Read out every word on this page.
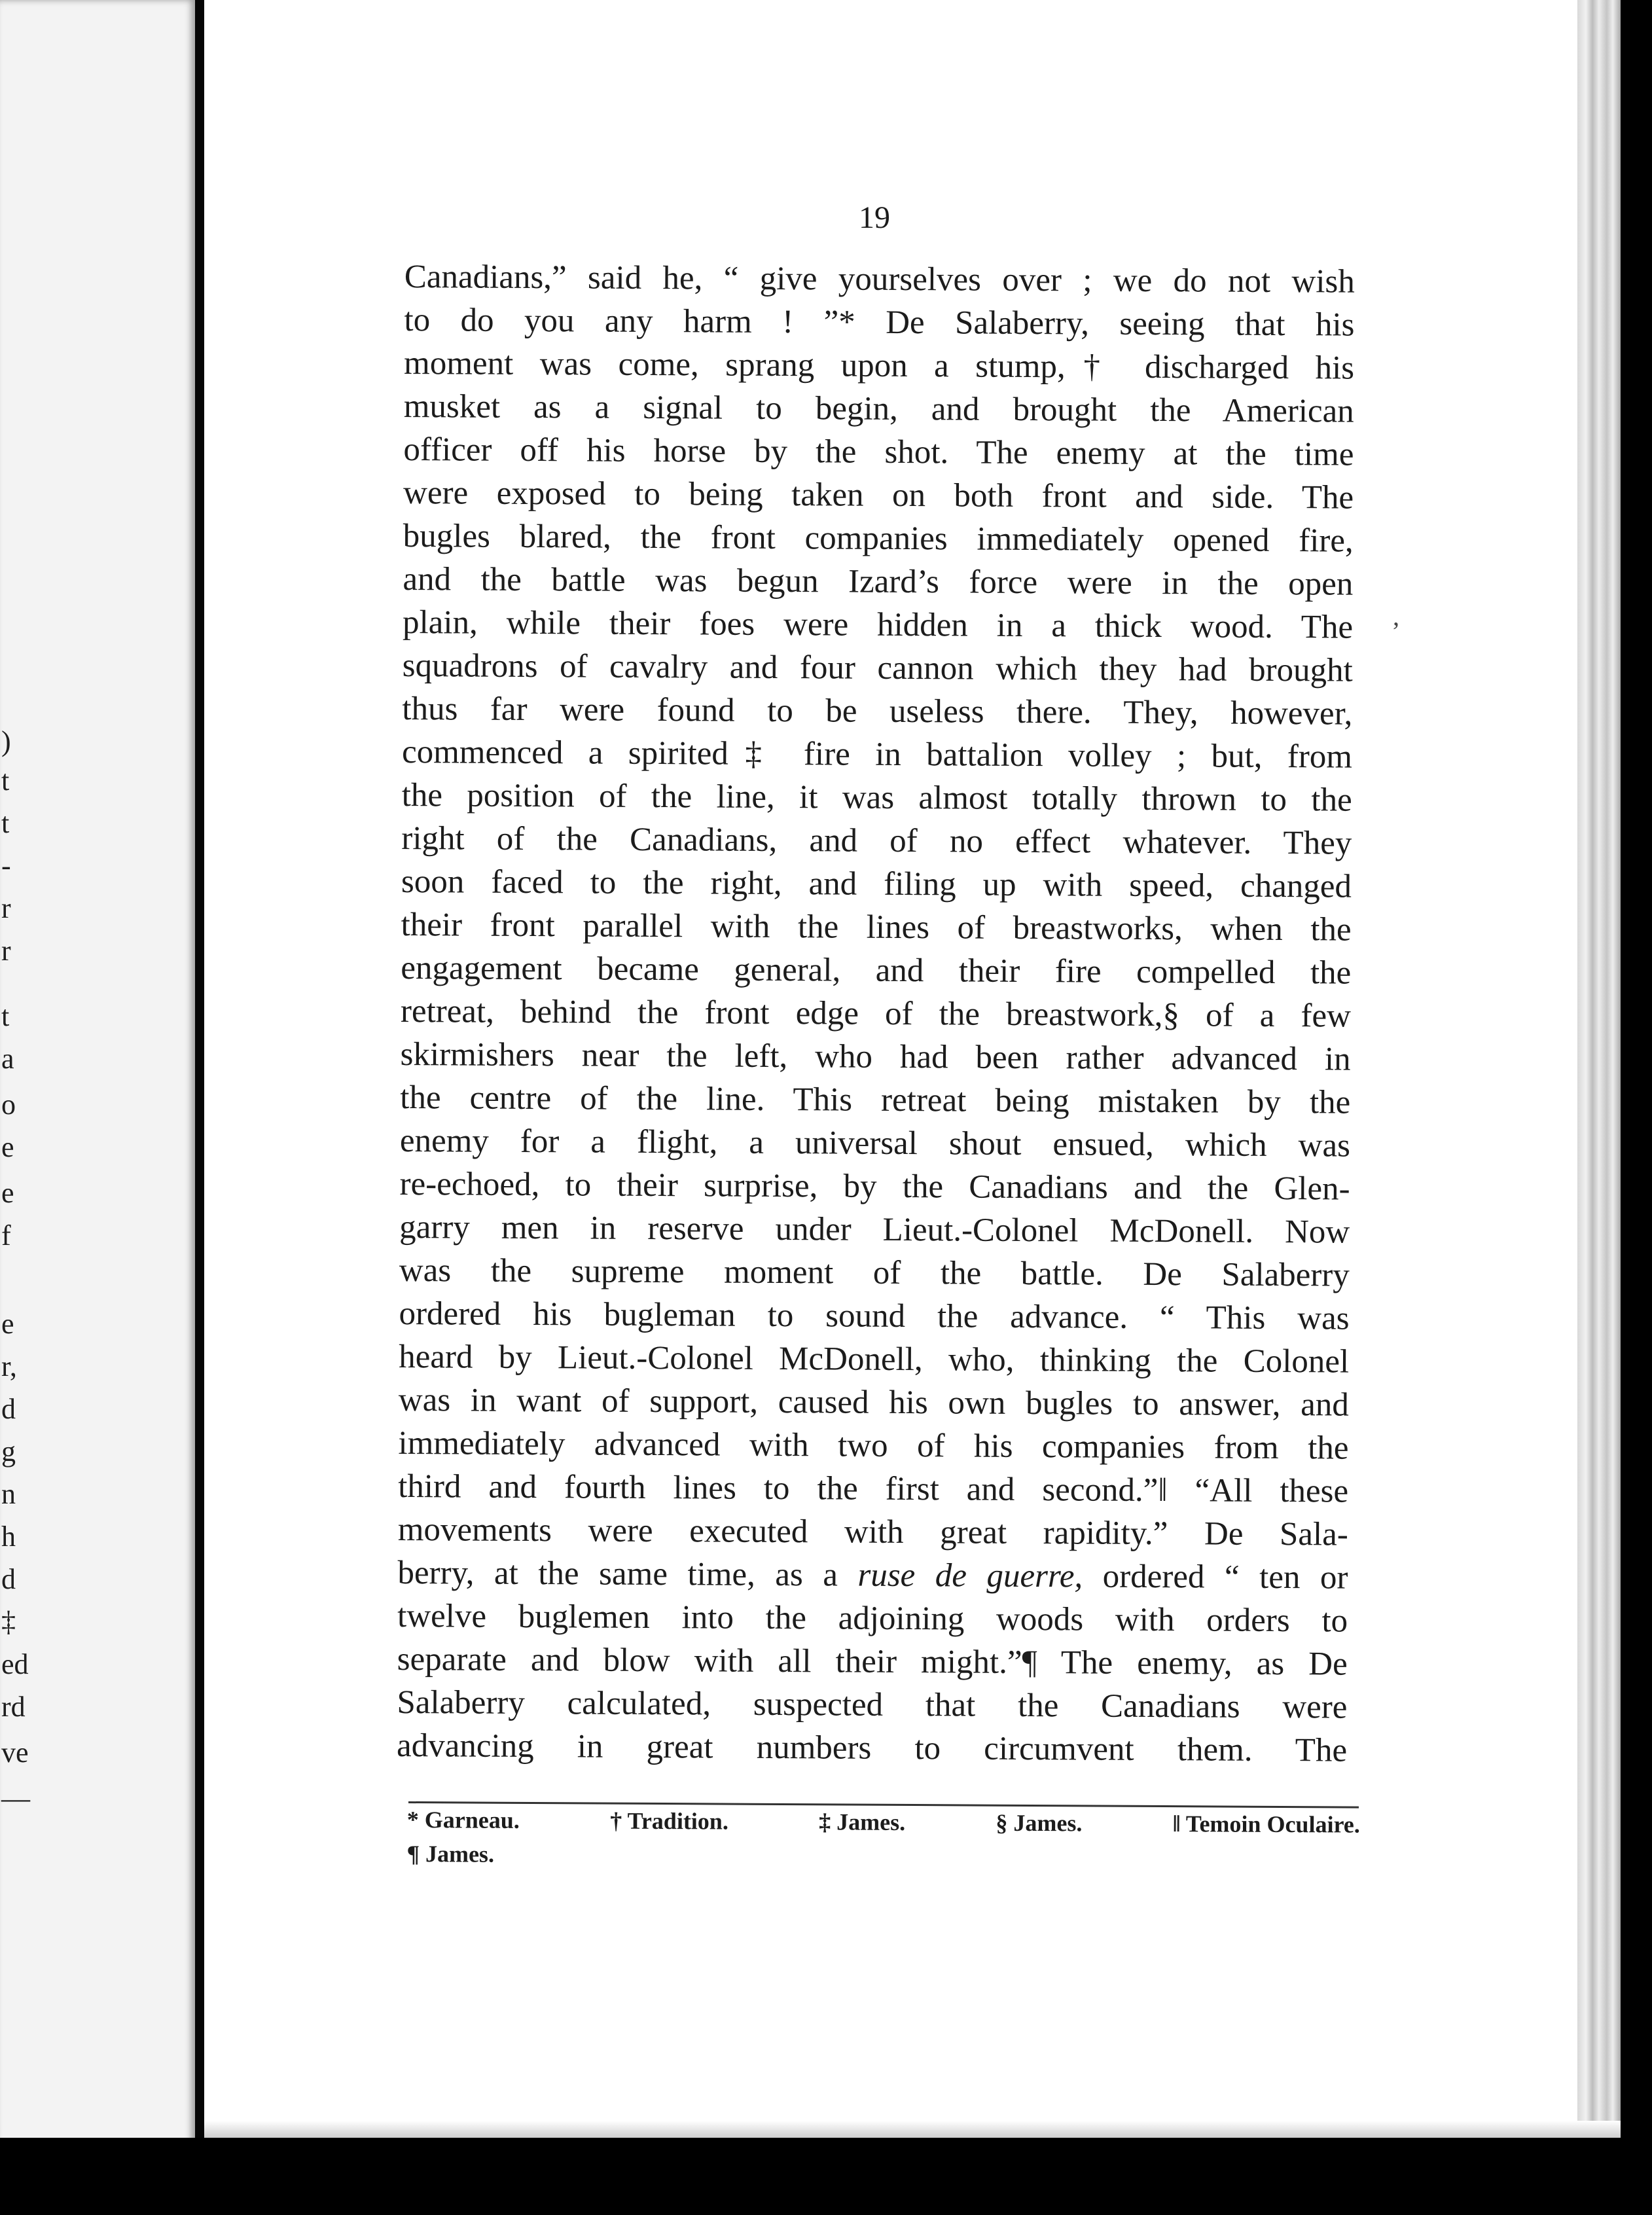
)
t
t
-
r
r
t
a
o
e
e
f
e
r,
d
g
n
h
d
‡
ed
rd
ve
—
19
Canadians,” said he, “ give yourselves over ; we do not wish
to do you any harm ! ”* De Salaberry, seeing that his
moment was come, sprang upon a stump,† discharged his
musket as a signal to begin, and brought the American
officer off his horse by the shot. The enemy at the time
were exposed to being taken on both front and side. The
bugles blared, the front companies immediately opened fire,
and the battle was begun Izard’s force were in the open
plain, while their foes were hidden in a thick wood. The
squadrons of cavalry and four cannon which they had brought
thus far were found to be useless there. They, however,
commenced a spirited‡ fire in battalion volley ; but, from
the position of the line, it was almost totally thrown to the
right of the Canadians, and of no effect whatever. They
soon faced to the right, and filing up with speed, changed
their front parallel with the lines of breastworks, when the
engagement became general, and their fire compelled the
retreat, behind the front edge of the breastwork,§ of a few
skirmishers near the left, who had been rather advanced in
the centre of the line. This retreat being mistaken by the
enemy for a flight, a universal shout ensued, which was
re-echoed, to their surprise, by the Canadians and the Glen-
garry men in reserve under Lieut.-Colonel McDonell. Now
was the supreme moment of the battle. De Salaberry
ordered his bugleman to sound the advance. “ This was
heard by Lieut.-Colonel McDonell, who, thinking the Colonel
was in want of support, caused his own bugles to answer, and
immediately advanced with two of his companies from the
third and fourth lines to the first and second.”‖ “All these
movements were executed with great rapidity.” De Sala-
berry, at the same time, as a ruse de guerre, ordered “ ten or
twelve buglemen into the adjoining woods with orders to
separate and blow with all their might.”¶ The enemy, as De
Salaberry calculated, suspected that the Canadians were
advancing in great numbers to circumvent them. The
,
* Garneau.	† Tradition.	‡ James.	§ James.	‖ Temoin Oculaire.
¶ James.
